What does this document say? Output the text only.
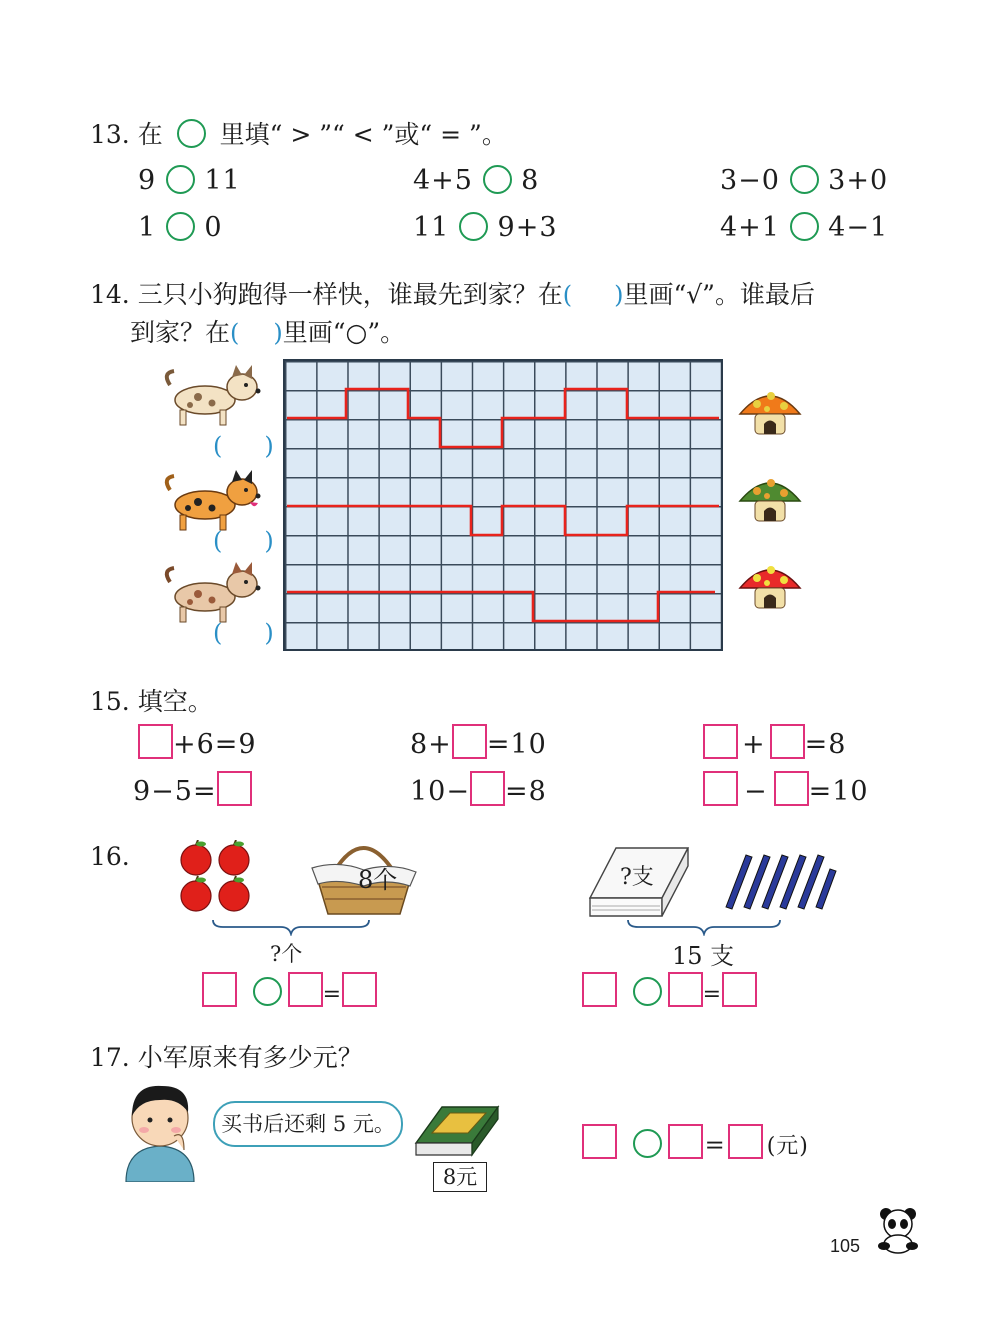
13. 在 里填“ > ”“ < ”或“ = ”。
9 11	4+5 8	3−0 3+0
1 0	11 9+3	4+1 4−1
14. 三只小狗跑得一样快，谁最先到家？在( )里画“√”。谁最后
到家？在( )里画“○”。
( )
( )
( )
15. 填空。
+6=9	8+ =10	+ =8
9−5=	10− =8	− =10
16.
8个
?个
=
?支
15 支
=
17. 小军原来有多少元？
买书后还剩 5 元。
8元
= (元)
105
